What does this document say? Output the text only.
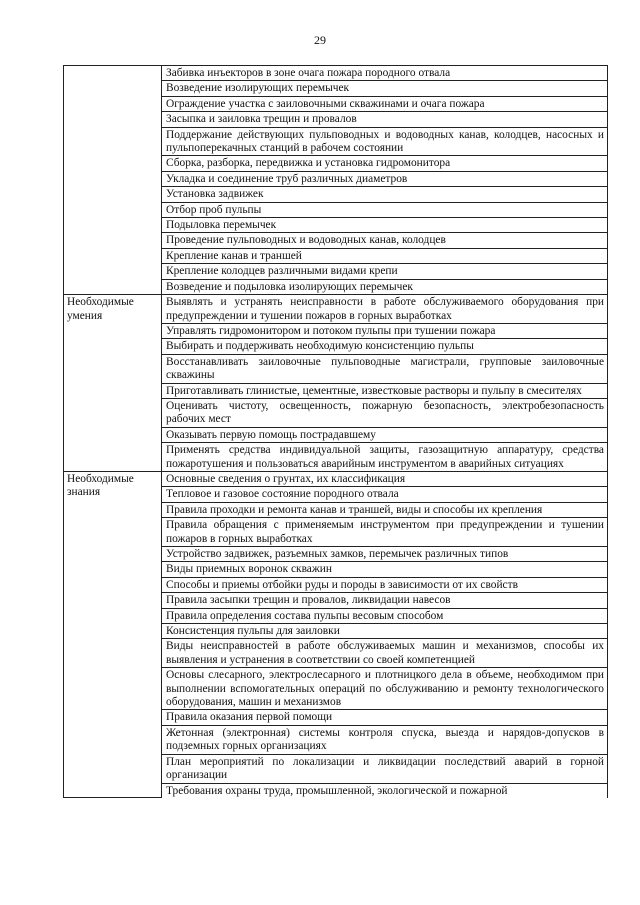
29
	Забивка инъекторов в зоне очага пожара породного отвала
	Возведение изолирующих перемычек
	Ограждение участка с заиловочными скважинами и очага пожара
	Засыпка и заиловка трещин и провалов
	Поддержание действующих пульповодных и водоводных канав, колодцев, насосных и пульпоперекачных станций в рабочем состоянии
	Сборка, разборка, передвижка и установка гидромонитора
	Укладка и соединение труб различных диаметров
	Установка задвижек
	Отбор проб пульпы
	Подыловка перемычек
	Проведение пульповодных и водоводных канав, колодцев
	Крепление канав и траншей
	Крепление колодцев различными видами крепи
	Возведение и подыловка изолирующих перемычек
Необходимые умения	Выявлять и устранять неисправности в работе обслуживаемого оборудования при предупреждении и тушении пожаров в горных выработках
	Управлять гидромонитором и потоком пульпы при тушении пожара
	Выбирать и поддерживать необходимую консистенцию пульпы
	Восстанавливать заиловочные пульповодные магистрали, групповые заиловочные скважины
	Приготавливать глинистые, цементные, известковые растворы и пульпу в смесителях
	Оценивать чистоту, освещенность, пожарную безопасность, электробезопасность рабочих мест
	Оказывать первую помощь пострадавшему
	Применять средства индивидуальной защиты, газозащитную аппаратуру, средства пожаротушения и пользоваться аварийным инструментом в аварийных ситуациях
Необходимые знания	Основные сведения о грунтах, их классификация
	Тепловое и газовое состояние породного отвала
	Правила проходки и ремонта канав и траншей, виды и способы их крепления
	Правила обращения с применяемым инструментом при предупреждении и тушении пожаров в горных выработках
	Устройство задвижек, разъемных замков, перемычек различных типов
	Виды приемных воронок скважин
	Способы и приемы отбойки руды и породы в зависимости от их свойств
	Правила засыпки трещин и провалов, ликвидации навесов
	Правила определения состава пульпы весовым способом
	Консистенция пульпы для заиловки
	Виды неисправностей в работе обслуживаемых машин и механизмов, способы их выявления и устранения в соответствии со своей компетенцией
	Основы слесарного, электрослесарного и плотницкого дела в объеме, необходимом при выполнении вспомогательных операций по обслуживанию и ремонту технологического оборудования, машин и механизмов
	Правила оказания первой помощи
	Жетонная (электронная) системы контроля спуска, выезда и нарядов-допусков в подземных горных организациях
	План мероприятий по локализации и ликвидации последствий аварий в горной организации
	Требования охраны труда, промышленной, экологической и пожарной
